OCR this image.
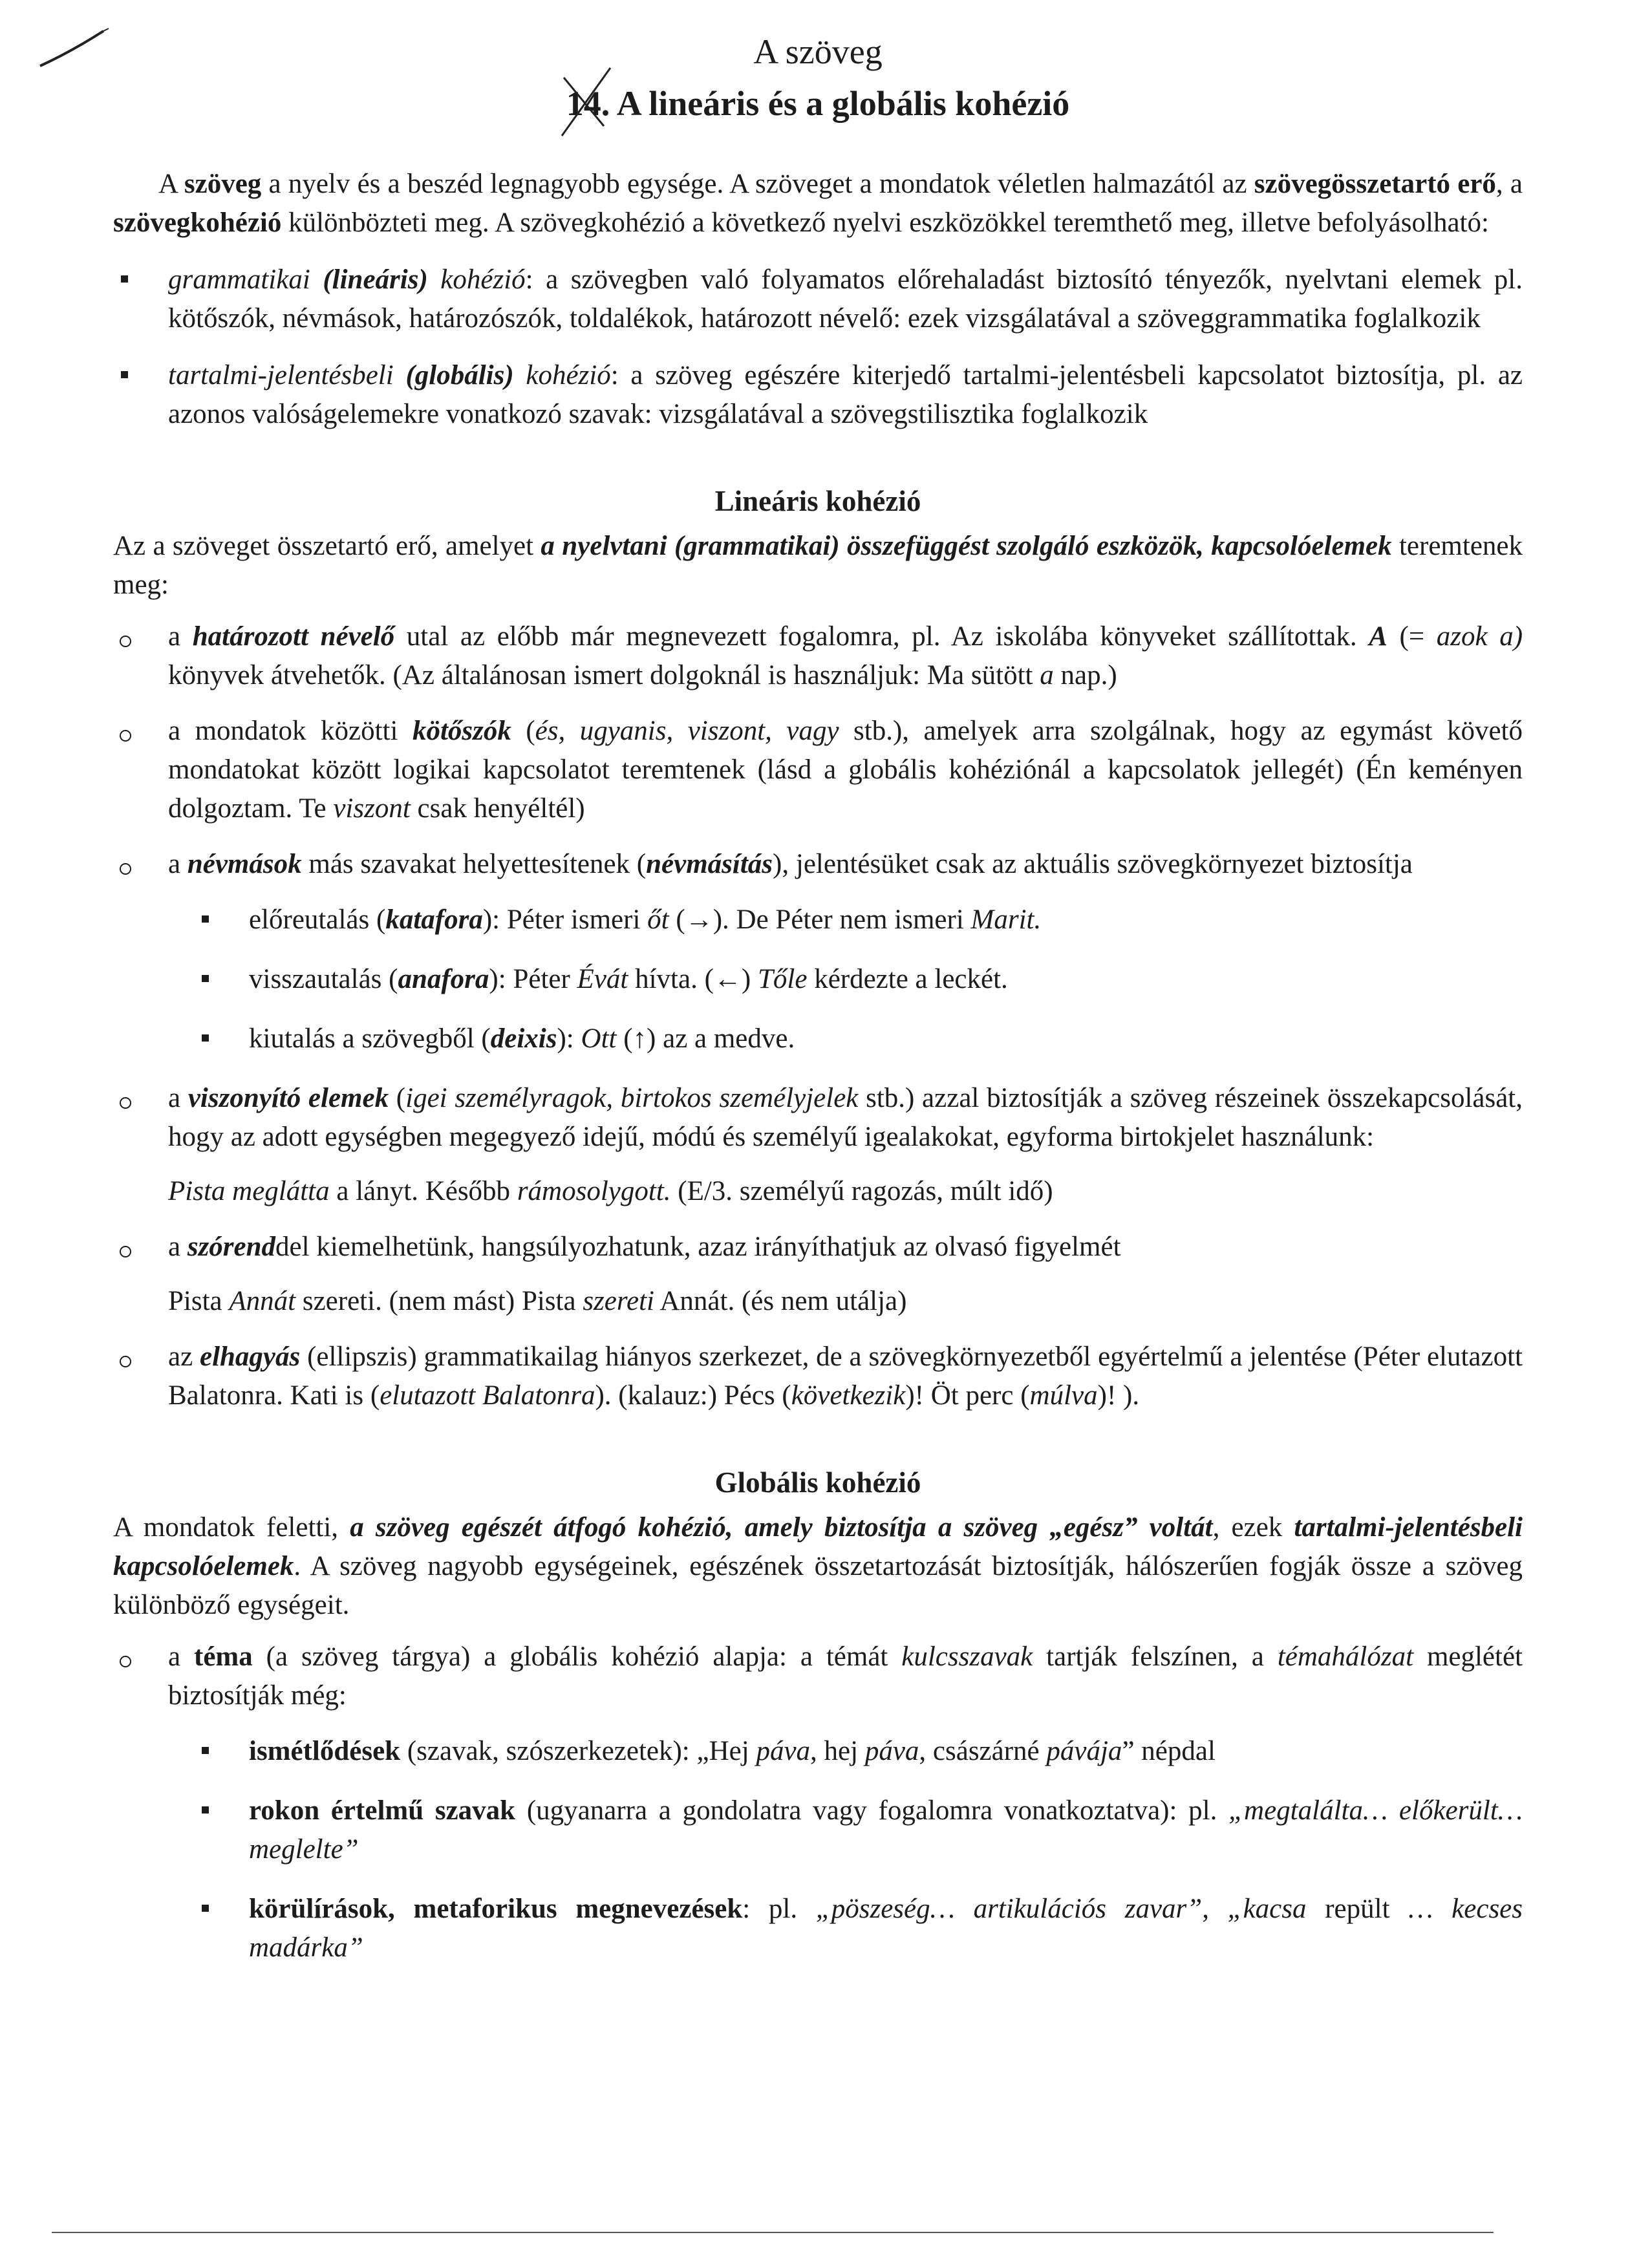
A szöveg
14. A lineáris és a globális kohézió

A szöveg a nyelv és a beszéd legnagyobb egysége. A szöveget a mondatok véletlen halmazától az szövegösszetartó erő, a szövegkohézió különbözteti meg. A szövegkohézió a következő nyelvi eszközökkel teremthető meg, illetve befolyásolható:

grammatikai (lineáris) kohézió: a szövegben való folyamatos előrehaladást biztosító tényezők, nyelvtani elemek pl. kötőszók, névmások, határozószók, toldalékok, határozott névelő: ezek vizsgálatával a szöveggrammatika foglalkozik
tartalmi-jelentésbeli (globális) kohézió: a szöveg egészére kiterjedő tartalmi-jelentésbeli kapcsolatot biztosítja, pl. az azonos valóságelemekre vonatkozó szavak: vizsgálatával a szövegstilisztika foglalkozik
Lineáris kohézió

Az a szöveget összetartó erő, amelyet a nyelvtani (grammatikai) összefüggést szolgáló eszközök, kapcsolóelemek teremtenek meg:

a határozott névelő utal az előbb már megnevezett fogalomra, pl. Az iskolába könyveket szállítottak. A (= azok a) könyvek átvehetők. (Az általánosan ismert dolgoknál is használjuk: Ma sütött a nap.)
a mondatok közötti kötőszók (és, ugyanis, viszont, vagy stb.), amelyek arra szolgálnak, hogy az egymást követő mondatokat között logikai kapcsolatot teremtenek (lásd a globális kohéziónál a kapcsolatok jellegét) (Én keményen dolgoztam. Te viszont csak henyéltél)
a névmások más szavakat helyettesítenek (névmásítás), jelentésüket csak az aktuális szövegkörnyezet biztosítja
előreutalás (katafora): Péter ismeri őt (→). De Péter nem ismeri Marit.
visszautalás (anafora): Péter Évát hívta. (←) Tőle kérdezte a leckét.
kiutalás a szövegből (deixis): Ott (↑) az a medve.
a viszonyító elemek (igei személyragok, birtokos személyjelek stb.) azzal biztosítják a szöveg részeinek összekapcsolását, hogy az adott egységben megegyező idejű, módú és személyű igealakokat, egyforma birtokjelet használunk:

Pista meglátta a lányt. Később rámosolygott. (E/3. személyű ragozás, múlt idő)

a szórenddel kiemelhetünk, hangsúlyozhatunk, azaz irányíthatjuk az olvasó figyelmét

Pista Annát szereti. (nem mást) Pista szereti Annát. (és nem utálja)

az elhagyás (ellipszis) grammatikailag hiányos szerkezet, de a szövegkörnyezetből egyértelmű a jelentése (Péter elutazott Balatonra. Kati is (elutazott Balatonra). (kalauz:) Pécs (következik)! Öt perc (múlva)! ).
Globális kohézió

A mondatok feletti, a szöveg egészét átfogó kohézió, amely biztosítja a szöveg „egész” voltát, ezek tartalmi-jelentésbeli kapcsolóelemek. A szöveg nagyobb egységeinek, egészének összetartozását biztosítják, hálószerűen fogják össze a szöveg különböző egységeit.

a téma (a szöveg tárgya) a globális kohézió alapja: a témát kulcsszavak tartják felszínen, a témahálózat meglétét biztosítják még:
ismétlődések (szavak, szószerkezetek): „Hej páva, hej páva, császárné pávája” népdal
rokon értelmű szavak (ugyanarra a gondolatra vagy fogalomra vonatkoztatva): pl. „megtalálta… előkerült… meglelte”
körülírások, metaforikus megnevezések: pl. „pöszeség… artikulációs zavar”, „kacsa repült … kecses madárka”
